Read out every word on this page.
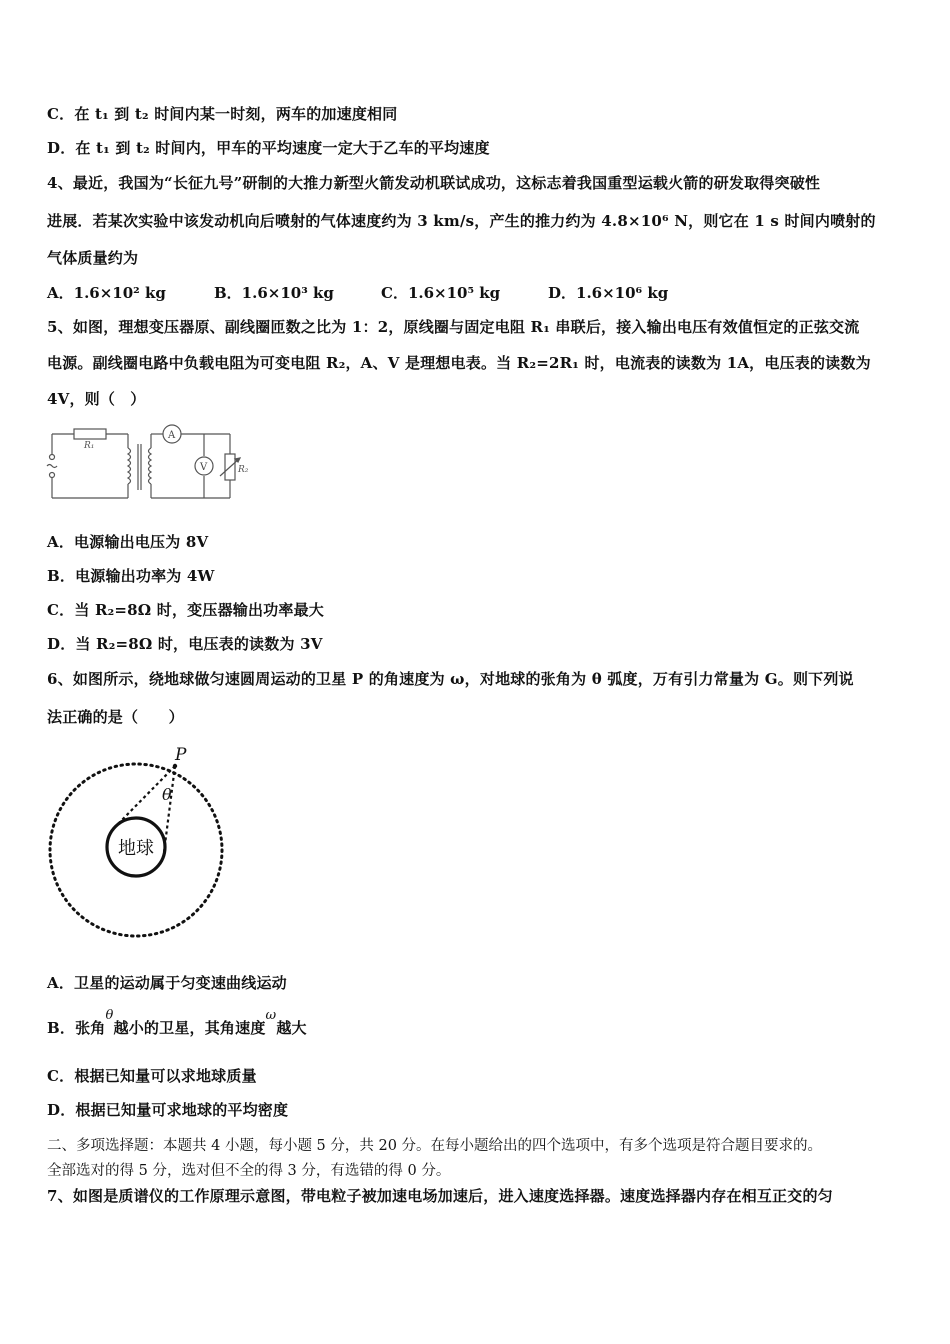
C．在 t₁ 到 t₂ 时间内某一时刻，两车的加速度相同
D．在 t₁ 到 t₂ 时间内，甲车的平均速度一定大于乙车的平均速度
4、最近，我国为“长征九号”研制的大推力新型火箭发动机联试成功，这标志着我国重型运载火箭的研发取得突破性
进展．若某次实验中该发动机向后喷射的气体速度约为 3 km/s，产生的推力约为 4.8×10⁶ N，则它在 1 s 时间内喷射的
气体质量约为
A．1.6×10² kg	B．1.6×10³ kg	C．1.6×10⁵ kg	D．1.6×10⁶ kg
5、如图，理想变压器原、副线圈匝数之比为 1：2，原线圈与固定电阻 R₁ 串联后，接入输出电压有效值恒定的正弦交流
电源。副线圈电路中负载电阻为可变电阻 R₂，A、V 是理想电表。当 R₂=2R₁ 时，电流表的读数为 1A，电压表的读数为
4V，则（　）
R₁
A
V	R₂
A．电源输出电压为 8V
B．电源输出功率为 4W
C．当 R₂=8Ω 时，变压器输出功率最大
D．当 R₂=8Ω 时，电压表的读数为 3V
6、如图所示，绕地球做匀速圆周运动的卫星 P 的角速度为 ω，对地球的张角为 θ 弧度，万有引力常量为 G。则下列说
法正确的是（　　）
P
θ
地球
A．卫星的运动属于匀变速曲线运动
B．张角θ越小的卫星，其角速度ω越大
C．根据已知量可以求地球质量
D．根据已知量可求地球的平均密度
二、多项选择题：本题共 4 小题，每小题 5 分，共 20 分。在每小题给出的四个选项中，有多个选项是符合题目要求的。
全部选对的得 5 分，选对但不全的得 3 分，有选错的得 0 分。
7、如图是质谱仪的工作原理示意图，带电粒子被加速电场加速后，进入速度选择器。速度选择器内存在相互正交的匀
